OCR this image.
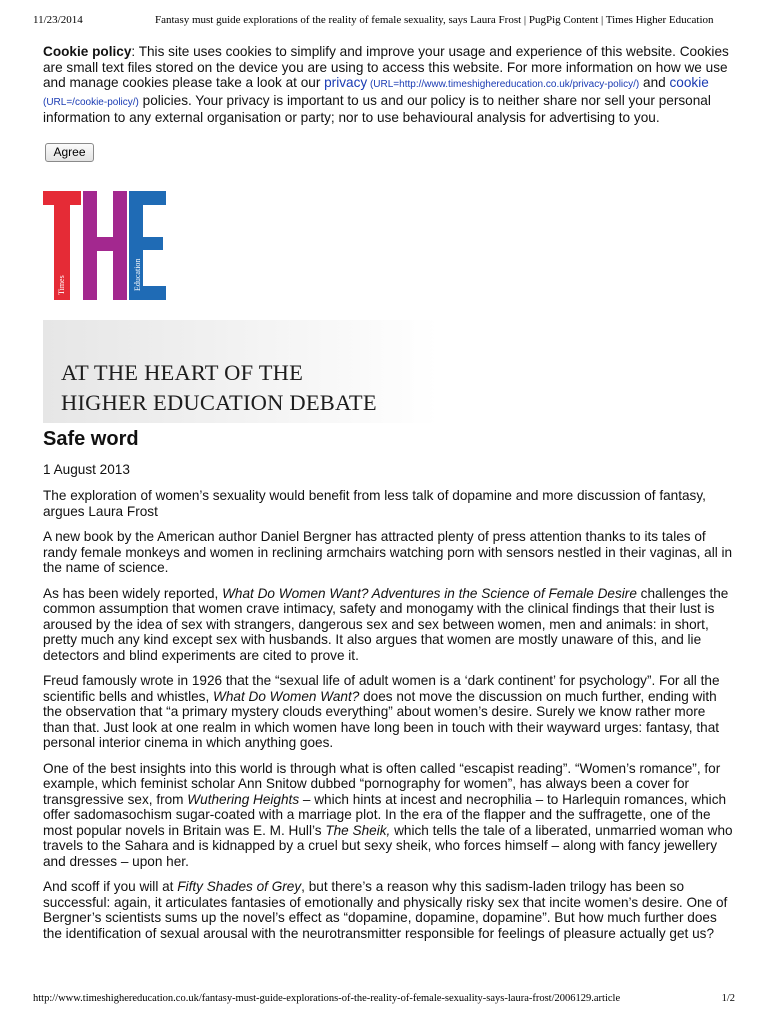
11/23/2014	Fantasy must guide explorations of the reality of female sexuality, says Laura Frost | PugPig Content | Times Higher Education
Cookie policy: This site uses cookies to simplify and improve your usage and experience of this website. Cookies are small text files stored on the device you are using to access this website. For more information on how we use and manage cookies please take a look at our privacy (URL=http://www.timeshighereducation.co.uk/privacy-policy/) and cookie (URL=/cookie-policy/) policies. Your privacy is important to us and our policy is to neither share nor sell your personal information to any external organisation or party; nor to use behavioural analysis for advertising to you.
Agree
Times	Higher	Education
AT THE HEART OF THE
HIGHER EDUCATION DEBATE
Safe word
1 August 2013

The exploration of women’s sexuality would benefit from less talk of dopamine and more discussion of fantasy, argues Laura Frost

A new book by the American author Daniel Bergner has attracted plenty of press attention thanks to its tales of randy female monkeys and women in reclining armchairs watching porn with sensors nestled in their vaginas, all in the name of science.

As has been widely reported, What Do Women Want? Adventures in the Science of Female Desire challenges the common assumption that women crave intimacy, safety and monogamy with the clinical findings that their lust is aroused by the idea of sex with strangers, dangerous sex and sex between women, men and animals: in short, pretty much any kind except sex with husbands. It also argues that women are mostly unaware of this, and lie detectors and blind experiments are cited to prove it.

Freud famously wrote in 1926 that the “sexual life of adult women is a ‘dark continent’ for psychology”. For all the scientific bells and whistles, What Do Women Want? does not move the discussion on much further, ending with the observation that “a primary mystery clouds everything” about women’s desire. Surely we know rather more than that. Just look at one realm in which women have long been in touch with their wayward urges: fantasy, that personal interior cinema in which anything goes.

One of the best insights into this world is through what is often called “escapist reading”. “Women’s romance”, for example, which feminist scholar Ann Snitow dubbed “pornography for women”, has always been a cover for transgressive sex, from Wuthering Heights – which hints at incest and necrophilia – to Harlequin romances, which offer sadomasochism sugar-coated with a marriage plot. In the era of the flapper and the suffragette, one of the most popular novels in Britain was E. M. Hull’s The Sheik, which tells the tale of a liberated, unmarried woman who travels to the Sahara and is kidnapped by a cruel but sexy sheik, who forces himself – along with fancy jewellery and dresses – upon her.

And scoff if you will at Fifty Shades of Grey, but there’s a reason why this sadism-laden trilogy has been so successful: again, it articulates fantasies of emotionally and physically risky sex that incite women’s desire. One of Bergner’s scientists sums up the novel’s effect as “dopamine, dopamine, dopamine”. But how much further does the identification of sexual arousal with the neurotransmitter responsible for feelings of pleasure actually get us?

http://www.timeshighereducation.co.uk/fantasy-must-guide-explorations-of-the-reality-of-female-sexuality-says-laura-frost/2006129.article	1/2
